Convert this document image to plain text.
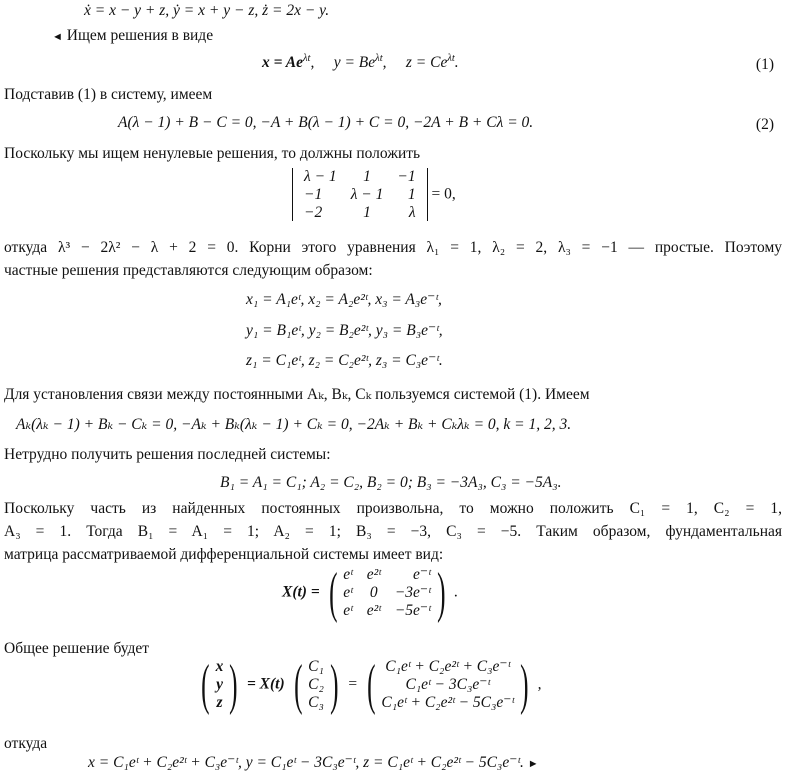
ẋ = x − y + z, ẏ = x + y − z, ż = 2x − y.
◄ Ищем решения в виде
$x = Ae^{\lambda t}$,     $y = Be^{\lambda t}$,     $z = Ce^{\lambda t}$.	(1)
Подставив (1) в систему, имеем
A(λ − 1) + B − C = 0, −A + B(λ − 1) + C = 0, −2A + B + Cλ = 0.	(2)
Поскольку мы ищем ненулевые решения, то должны положить
λ − 1	1	−1
−1	λ − 1	1
−2	1	λ = 0,
откуда λ³ − 2λ² − λ + 2 = 0. Корни этого уравнения λ₁ = 1, λ₂ = 2, λ₃ = −1 — простые. Поэтому
частные решения представляются следующим образом:
x₁ = A₁eᵗ, x₂ = A₂e²ᵗ, x₃ = A₃e⁻ᵗ,
y₁ = B₁eᵗ, y₂ = B₂e²ᵗ, y₃ = B₃e⁻ᵗ,
z₁ = C₁eᵗ, z₂ = C₂e²ᵗ, z₃ = C₃e⁻ᵗ.
Для установления связи между постоянными Aₖ, Bₖ, Cₖ пользуемся системой (1). Имеем
Aₖ(λₖ − 1) + Bₖ − Cₖ = 0, −Aₖ + Bₖ(λₖ − 1) + Cₖ = 0, −2Aₖ + Bₖ + Cₖλₖ = 0, k = 1, 2, 3.
Нетрудно получить решения последней системы:
B₁ = A₁ = C₁; A₂ = C₂, B₂ = 0; B₃ = −3A₃, C₃ = −5A₃.
Поскольку часть из найденных постоянных произвольна, то можно положить C₁ = 1, C₂ = 1,
A₃ = 1. Тогда B₁ = A₁ = 1; A₂ = 1; B₃ = −3, C₃ = −5. Таким образом, фундаментальная
матрица рассматриваемой дифференциальной системы имеет вид:
X(t) = ( eᵗ	e²ᵗ	e⁻ᵗ
eᵗ	0	−3e⁻ᵗ
eᵗ	e²ᵗ	−5e⁻ᵗ ) .
Общее решение будет
( x
y
z ) = X(t) ( C₁
C₂
C₃ ) = ( C₁eᵗ + C₂e²ᵗ + C₃e⁻ᵗ
C₁eᵗ − 3C₃e⁻ᵗ
C₁eᵗ + C₂e²ᵗ − 5C₃e⁻ᵗ ) ,
откуда
x = C₁eᵗ + C₂e²ᵗ + C₃e⁻ᵗ, y = C₁eᵗ − 3C₃e⁻ᵗ, z = C₁eᵗ + C₂e²ᵗ − 5C₃e⁻ᵗ. ►
